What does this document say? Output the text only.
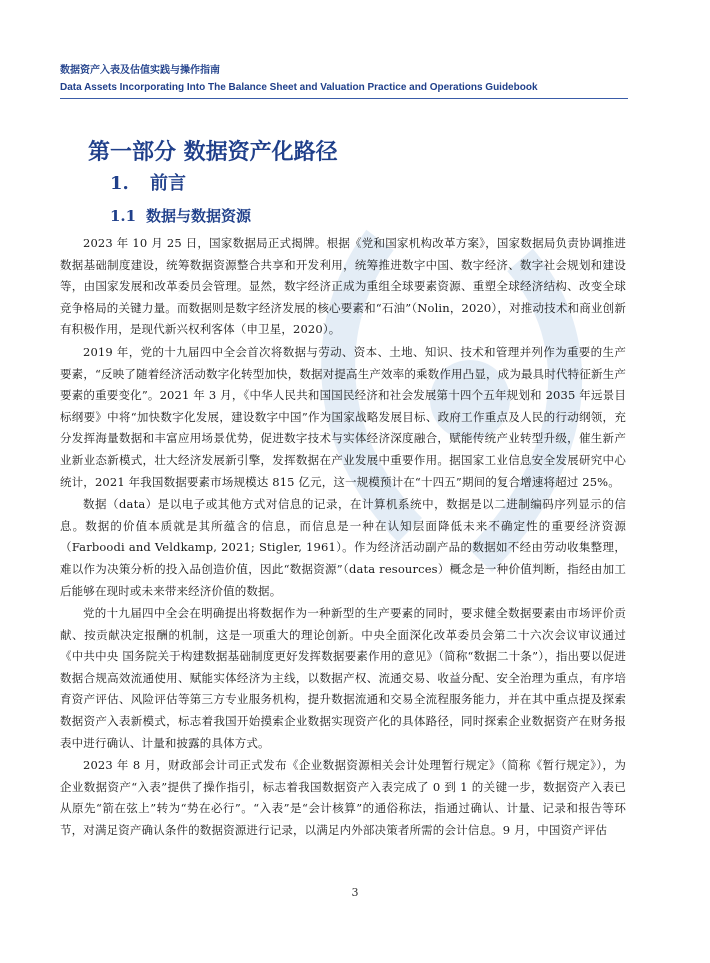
数据资产入表及估值实践与操作指南
Data Assets Incorporating Into The Balance Sheet and Valuation Practice and Operations Guidebook
第一部分 数据资产化路径
1. 前言
1.1 数据与数据资源

2023 年 10 月 25 日，国家数据局正式揭牌。根据《党和国家机构改革方案》，国家数据局负责协调推进数据基础制度建设，统筹数据资源整合共享和开发利用，统筹推进数字中国、数字经济、数字社会规划和建设等，由国家发展和改革委员会管理。显然，数字经济正成为重组全球要素资源、重塑全球经济结构、改变全球竞争格局的关键力量。而数据则是数字经济发展的核心要素和“石油”（Nolin，2020），对推动技术和商业创新有积极作用，是现代新兴权利客体（申卫星，2020）。

2019 年，党的十九届四中全会首次将数据与劳动、资本、土地、知识、技术和管理并列作为重要的生产要素，“反映了随着经济活动数字化转型加快，数据对提高生产效率的乘数作用凸显，成为最具时代特征新生产要素的重要变化”。2021 年 3 月，《中华人民共和国国民经济和社会发展第十四个五年规划和 2035 年远景目标纲要》中将“加快数字化发展，建设数字中国”作为国家战略发展目标、政府工作重点及人民的行动纲领，充分发挥海量数据和丰富应用场景优势，促进数字技术与实体经济深度融合，赋能传统产业转型升级，催生新产业新业态新模式，壮大经济发展新引擎，发挥数据在产业发展中重要作用。据国家工业信息安全发展研究中心统计，2021 年我国数据要素市场规模达 815 亿元，这一规模预计在“十四五”期间的复合增速将超过 25%。

数据（data）是以电子或其他方式对信息的记录，在计算机系统中，数据是以二进制编码序列显示的信息。数据的价值本质就是其所蕴含的信息，而信息是一种在认知层面降低未来不确定性的重要经济资源（Farboodi and Veldkamp, 2021; Stigler, 1961）。作为经济活动副产品的数据如不经由劳动收集整理，难以作为决策分析的投入品创造价值，因此“数据资源”（data resources）概念是一种价值判断，指经由加工后能够在现时或未来带来经济价值的数据。

党的十九届四中全会在明确提出将数据作为一种新型的生产要素的同时，要求健全数据要素由市场评价贡献、按贡献决定报酬的机制，这是一项重大的理论创新。中央全面深化改革委员会第二十六次会议审议通过《中共中央 国务院关于构建数据基础制度更好发挥数据要素作用的意见》（简称“数据二十条”），指出要以促进数据合规高效流通使用、赋能实体经济为主线，以数据产权、流通交易、收益分配、安全治理为重点，有序培育资产评估、风险评估等第三方专业服务机构，提升数据流通和交易全流程服务能力，并在其中重点提及探索数据资产入表新模式，标志着我国开始摸索企业数据实现资产化的具体路径，同时探索企业数据资产在财务报表中进行确认、计量和披露的具体方式。

2023 年 8 月，财政部会计司正式发布《企业数据资源相关会计处理暂行规定》（简称《暂行规定》），为企业数据资产“入表”提供了操作指引，标志着我国数据资产入表完成了 0 到 1 的关键一步，数据资产入表已从原先“箭在弦上”转为“势在必行”。“入表”是“会计核算”的通俗称法，指通过确认、计量、记录和报告等环节，对满足资产确认条件的数据资源进行记录，以满足内外部决策者所需的会计信息。9 月，中国资产评估

3
